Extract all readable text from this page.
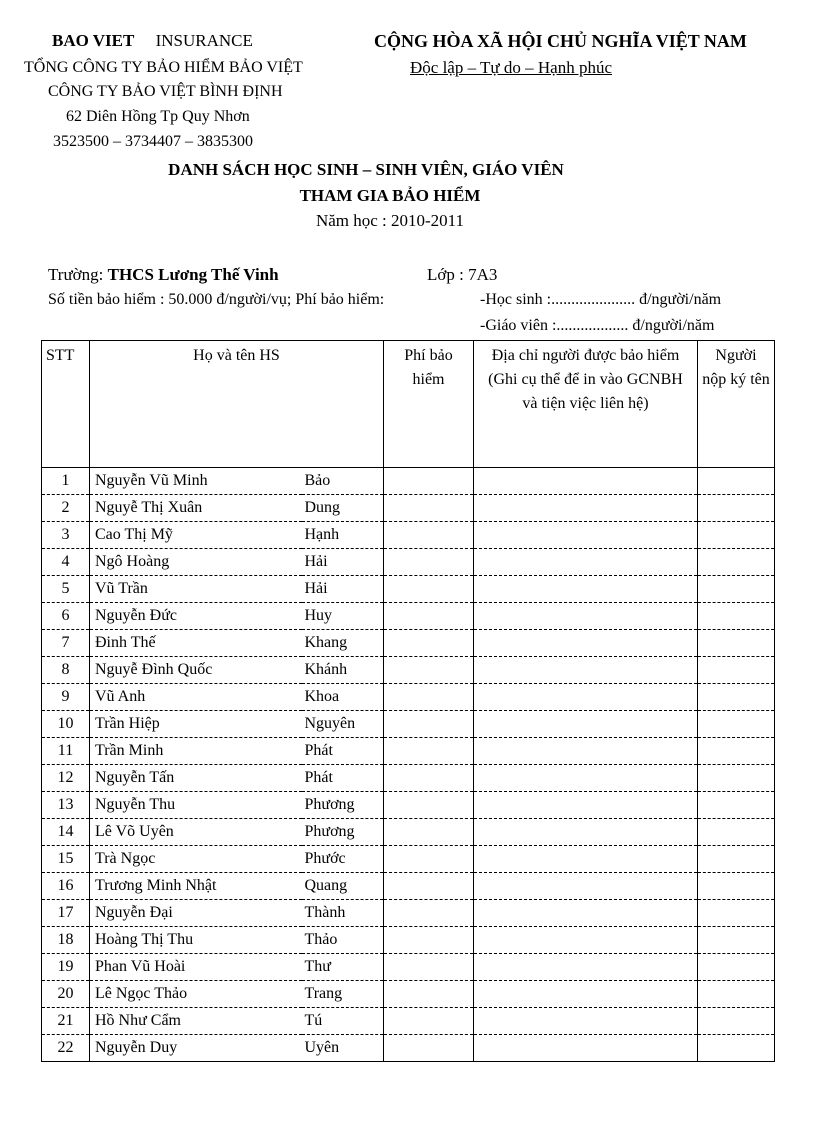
BAO VIET INSURANCE
TỔNG CÔNG TY BẢO HIỂM BẢO VIỆT
CÔNG TY BẢO VIỆT BÌNH ĐỊNH
62 Diên Hồng Tp Quy Nhơn
3523500 – 3734407 – 3835300
CỘNG HÒA XÃ HỘI CHỦ NGHĨA VIỆT NAM
Độc lập – Tự do – Hạnh phúc
DANH SÁCH HỌC SINH – SINH VIÊN, GIÁO VIÊN
THAM GIA BẢO HIỂM
Năm học : 2010-2011
Trường: THCS Lương Thế Vinh	Lớp : 7A3
Số tiền bảo hiểm : 50.000 đ/người/vụ; Phí bảo hiểm:	-Học sinh :..................... đ/người/năm
-Giáo viên :.................. đ/người/năm
STT	Họ và tên HS		Phí bảo hiểm	Địa chỉ người được bảo hiểm (Ghi cụ thể để in vào GCNBH và tiện việc liên hệ)	Người nộp ký tên
1	Nguyễn Vũ Minh	Bảo			
2	Nguyễ Thị Xuân	Dung			
3	Cao Thị Mỹ	Hạnh			
4	Ngô Hoàng	Hải			
5	Vũ Trần	Hải			
6	Nguyễn Đức	Huy			
7	Đinh Thế	Khang			
8	Nguyễ Đình Quốc	Khánh			
9	Vũ Anh	Khoa			
10	Trần Hiệp	Nguyên			
11	Trần Minh	Phát			
12	Nguyễn Tấn	Phát			
13	Nguyễn Thu	Phương			
14	Lê Võ Uyên	Phương			
15	Trà Ngọc	Phước			
16	Trương Minh Nhật	Quang			
17	Nguyễn Đại	Thành			
18	Hoàng Thị Thu	Thảo			
19	Phan Vũ Hoài	Thư			
20	Lê Ngọc Thảo	Trang			
21	Hồ Như Cẩm	Tú			
22	Nguyễn Duy	Uyên			
